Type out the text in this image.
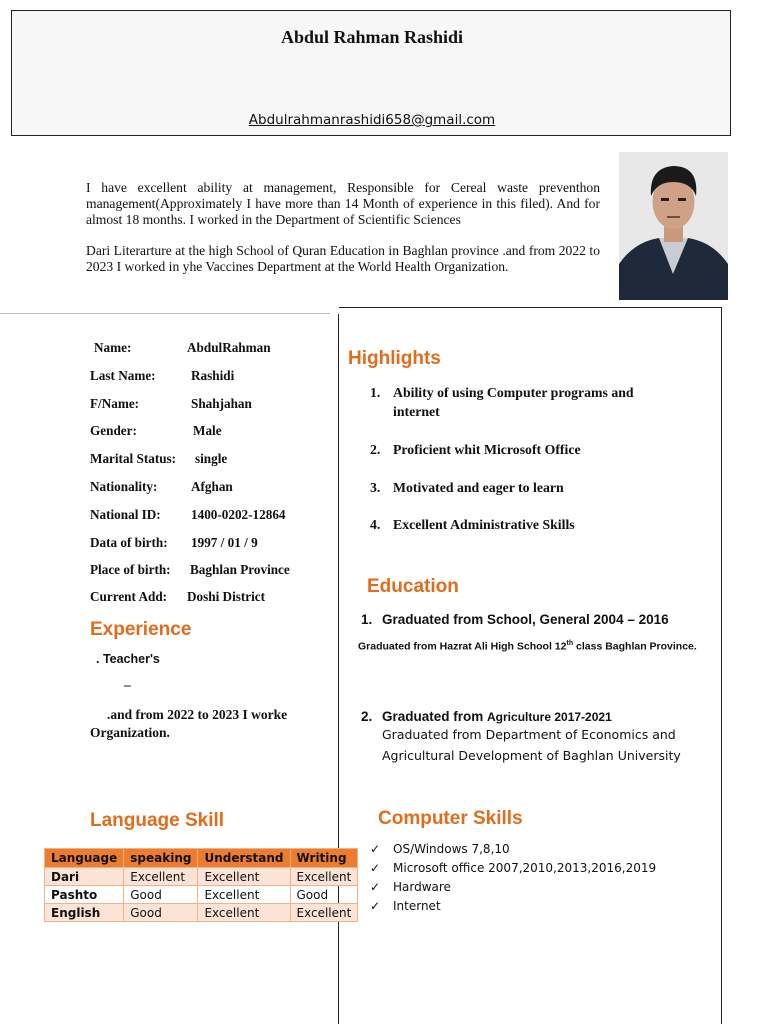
Abdul Rahman Rashidi
Abdulrahmanrashidi658@gmail.com
I have excellent ability at management, Responsible for Cereal waste preventhon management(Approximately I have more than 14 Month of experience in this filed). And for almost 18 months. I worked in the Department of Scientific Sciences
Dari Literarture at the high School of Quran Education in Baghlan province .and from 2022 to 2023 I worked in yhe Vaccines Department at the World Health Organization.
Name:	AbdulRahman
Last Name:	Rashidi
F/Name:	Shahjahan
Gender:	Male
Marital Status: single
Nationality:	Afghan
National ID: 1400-0202-12864
Data of birth: 1997 / 01 / 9
Place of birth: Baghlan Province
Current Add: Doshi District
Experience
. Teacher's
–
.and from 2022 to 2023 I worke
Organization.
Highlights
1. Ability of using Computer programs and internet
2. Proficient whit Microsoft Office
3. Motivated and eager to learn
4. Excellent Administrative Skills
Education
1. Graduated from School, General 2004 – 2016
Graduated from Hazrat Ali High School 12th class Baghlan Province.
2. Graduated from Agriculture 2017-2021
Graduated from Department of Economics and
Agricultural Development of Baghlan University
Computer Skills
✓ OS/Windows 7,8,10
✓ Microsoft office 2007,2010,2013,2016,2019
✓ Hardware
✓ Internet
Language Skill
Language	speaking	Understand	Writing
Dari	Excellent	Excellent	Excellent
Pashto	Good	Excellent	Good
English	Good	Excellent	Excellent
